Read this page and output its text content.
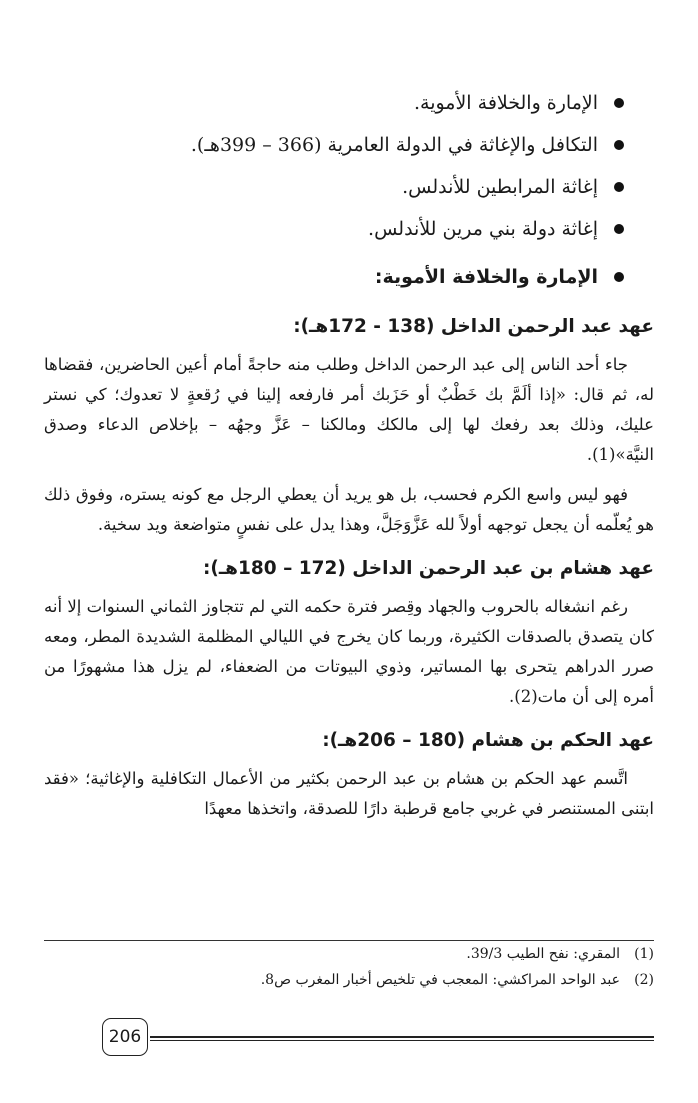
الإمارة والخلافة الأموية.
التكافل والإغاثة في الدولة العامرية (366 – 399هـ).
إغاثة المرابطين للأندلس.
إغاثة دولة بني مرين للأندلس.
الإمارة والخلافة الأموية:
عهد عبد الرحمن الداخل (138 - 172هـ):

جاء أحد الناس إلى عبد الرحمن الداخل وطلب منه حاجةً أمام أعين الحاضرين، فقضاها له، ثم قال: «إذا ألَمَّ بك خَطْبٌ أو حَزَبك أمر فارفعه إلينا في رُقعةٍ لا تعدوك؛ كي نستر عليك، وذلك بعد رفعك لها إلى مالكك ومالكنا – عَزَّ وجهُه – بإخلاص الدعاء وصدق النيَّة»(1).

فهو ليس واسع الكرم فحسب، بل هو يريد أن يعطي الرجل مع كونه يستره، وفوق ذلك هو يُعلّمه أن يجعل توجهه أولاً لله عَزَّوَجَلَّ، وهذا يدل على نفسٍ متواضعة ويد سخية.

عهد هشام بن عبد الرحمن الداخل (172 – 180هـ):

رغم انشغاله بالحروب والجهاد وقِصر فترة حكمه التي لم تتجاوز الثماني السنوات إلا أنه كان يتصدق بالصدقات الكثيرة، وربما كان يخرج في الليالي المظلمة الشديدة المطر، ومعه صرر الدراهم يتحرى بها المساتير، وذوي البيوتات من الضعفاء، لم يزل هذا مشهورًا من أمره إلى أن مات(2).

عهد الحكم بن هشام (180 – 206هـ):

اتَّسم عهد الحكم بن هشام بن عبد الرحمن بكثير من الأعمال التكافلية والإغاثية؛ «فقد ابتنى المستنصر في غربي جامع قرطبة دارًا للصدقة، واتخذها معهدًا

(1)المقري: نفح الطيب 39/3.
(2)عبد الواحد المراكشي: المعجب في تلخيص أخبار المغرب ص8.
206
